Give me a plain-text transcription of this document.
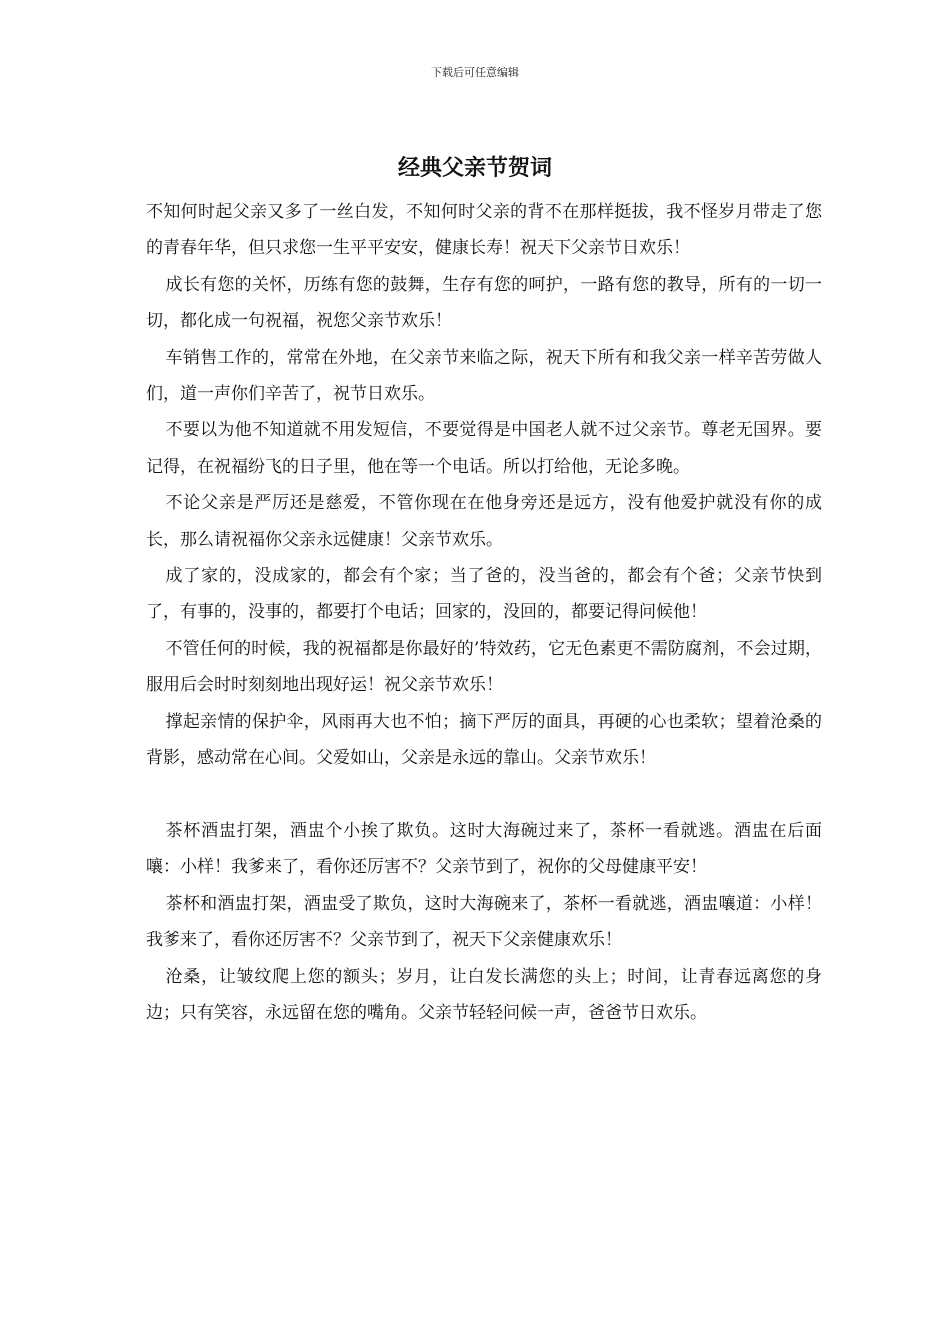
下载后可任意编辑
经典父亲节贺词

不知何时起父亲又多了一丝白发，不知何时父亲的背不在那样挺拔，我不怪岁月带走了您的青春年华，但只求您一生平平安安，健康长寿！祝天下父亲节日欢乐！

成长有您的关怀，历练有您的鼓舞，生存有您的呵护，一路有您的教导，所有的一切一切，都化成一句祝福，祝您父亲节欢乐！

车销售工作的，常常在外地，在父亲节来临之际，祝天下所有和我父亲一样辛苦劳做人们，道一声你们辛苦了，祝节日欢乐。

不要以为他不知道就不用发短信，不要觉得是中国老人就不过父亲节。尊老无国界。要记得，在祝福纷飞的日子里，他在等一个电话。所以打给他，无论多晚。

不论父亲是严厉还是慈爱，不管你现在在他身旁还是远方，没有他爱护就没有你的成长，那么请祝福你父亲永远健康！父亲节欢乐。

成了家的，没成家的，都会有个家；当了爸的，没当爸的，都会有个爸；父亲节快到了，有事的，没事的，都要打个电话；回家的，没回的，都要记得问候他！

不管任何的时候，我的祝福都是你最好的’特效药，它无色素更不需防腐剂，不会过期，服用后会时时刻刻地出现好运！祝父亲节欢乐！

撑起亲情的保护伞，风雨再大也不怕；摘下严厉的面具，再硬的心也柔软；望着沧桑的背影，感动常在心间。父爱如山，父亲是永远的靠山。父亲节欢乐！

茶杯酒盅打架，酒盅个小挨了欺负。这时大海碗过来了，茶杯一看就逃。酒盅在后面嚷：小样！我爹来了，看你还厉害不？父亲节到了，祝你的父母健康平安！

茶杯和酒盅打架，酒盅受了欺负，这时大海碗来了，茶杯一看就逃，酒盅嚷道：小样！我爹来了，看你还厉害不？父亲节到了，祝天下父亲健康欢乐！

沧桑，让皱纹爬上您的额头；岁月，让白发长满您的头上；时间，让青春远离您的身边；只有笑容，永远留在您的嘴角。父亲节轻轻问候一声，爸爸节日欢乐。
